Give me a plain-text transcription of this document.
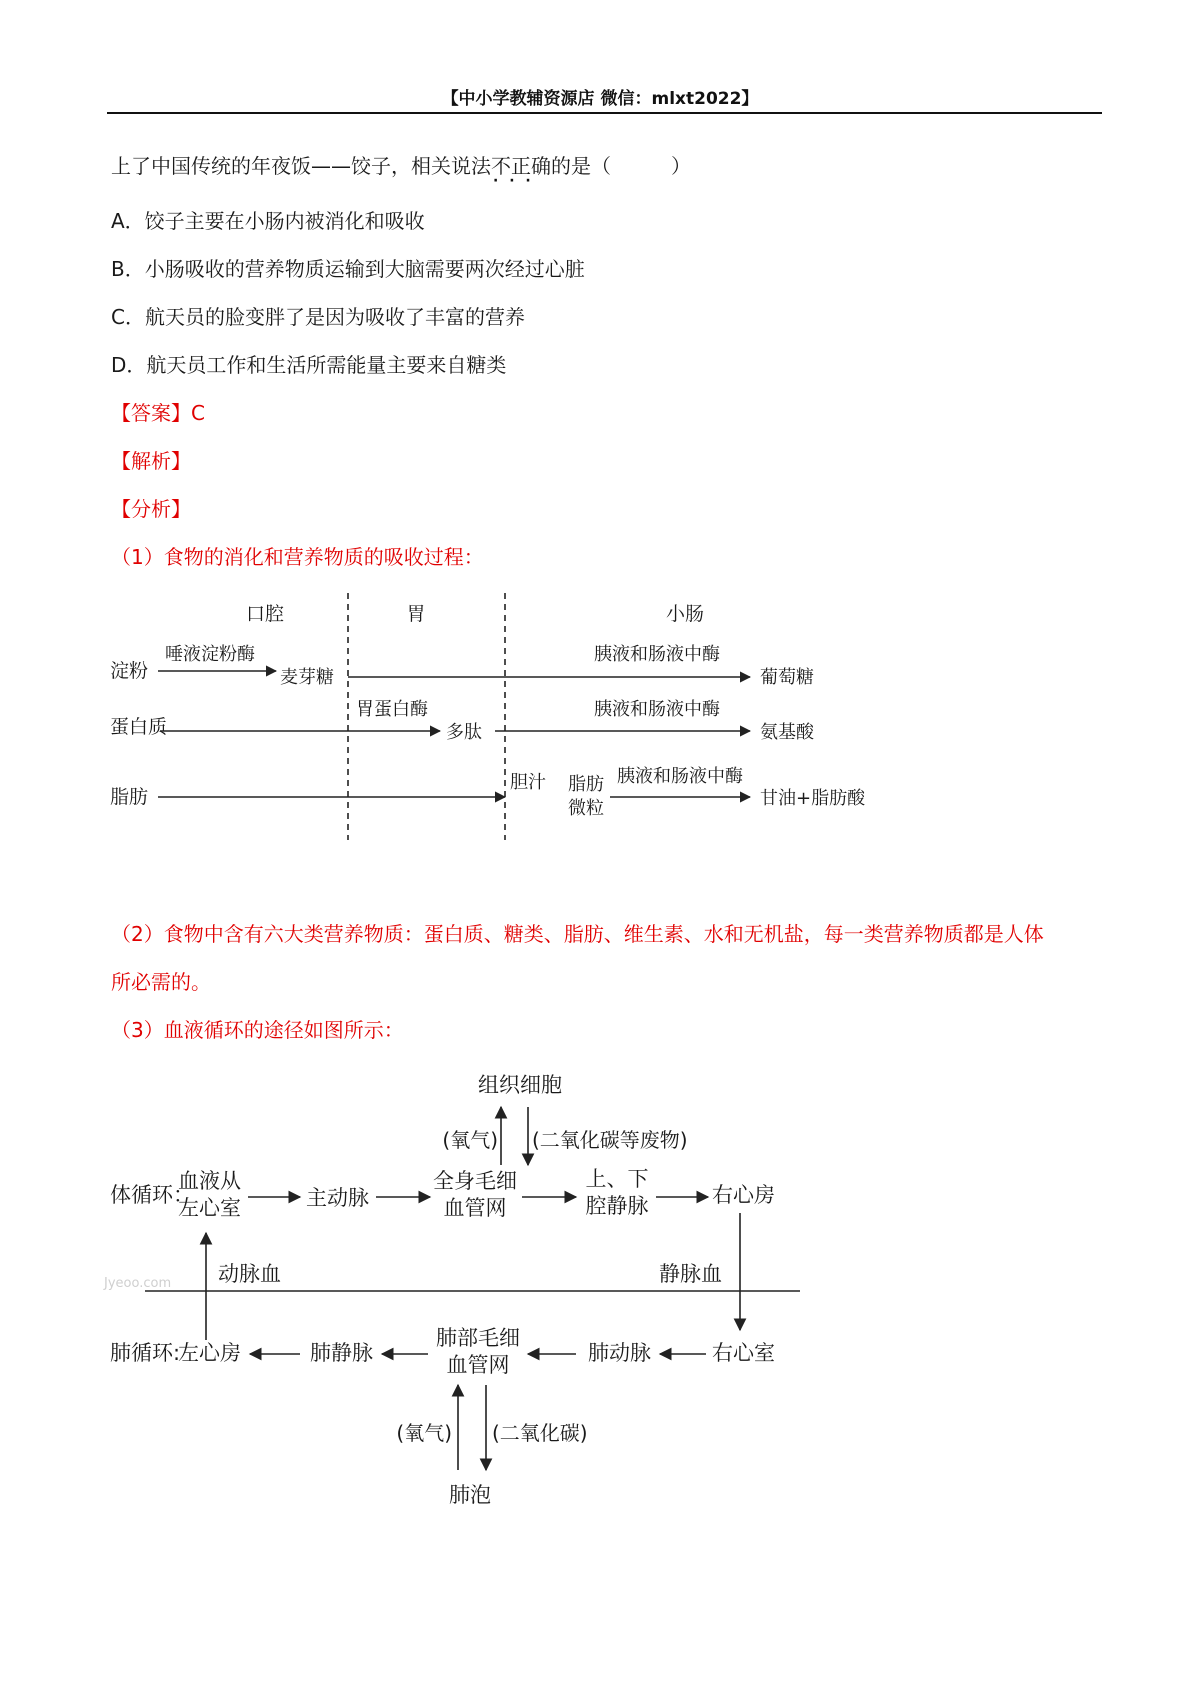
【中小学教辅资源店 微信：mlxt2022】
上了中国传统的年夜饭——饺子，相关说法不正确 · · ·的是（　　　）
A．饺子主要在小肠内被消化和吸收
B．小肠吸收的营养物质运输到大脑需要两次经过心脏
C．航天员的脸变胖了是因为吸收了丰富的营养
D．航天员工作和生活所需能量主要来自糖类
【答案】C
【解析】
【分析】
（1）食物的消化和营养物质的吸收过程：
口腔	胃	小肠
淀粉
唾液淀粉酶
麦芽糖
胰液和肠液中酶
葡萄糖
蛋白质
胃蛋白酶
多肽
胰液和肠液中酶
氨基酸
脂肪
胆汁 脂肪
微粒
胰液和肠液中酶
甘油+脂肪酸
（2）食物中含有六大类营养物质：蛋白质、糖类、脂肪、维生素、水和无机盐，每一类营养物质都是人体
所必需的。
（3）血液循环的途径如图所示：
组织细胞
(氧气) (二氧化碳等废物)
体循环：
血液从
左心室	主动脉
全身毛细
血管网
上、下
腔静脉	右心房
Jyeoo.com 动脉血	静脉血
肺循环:
左心房	肺静脉
肺部毛细
血管网	肺动脉	右心室
(氧气) (二氧化碳)
肺泡
